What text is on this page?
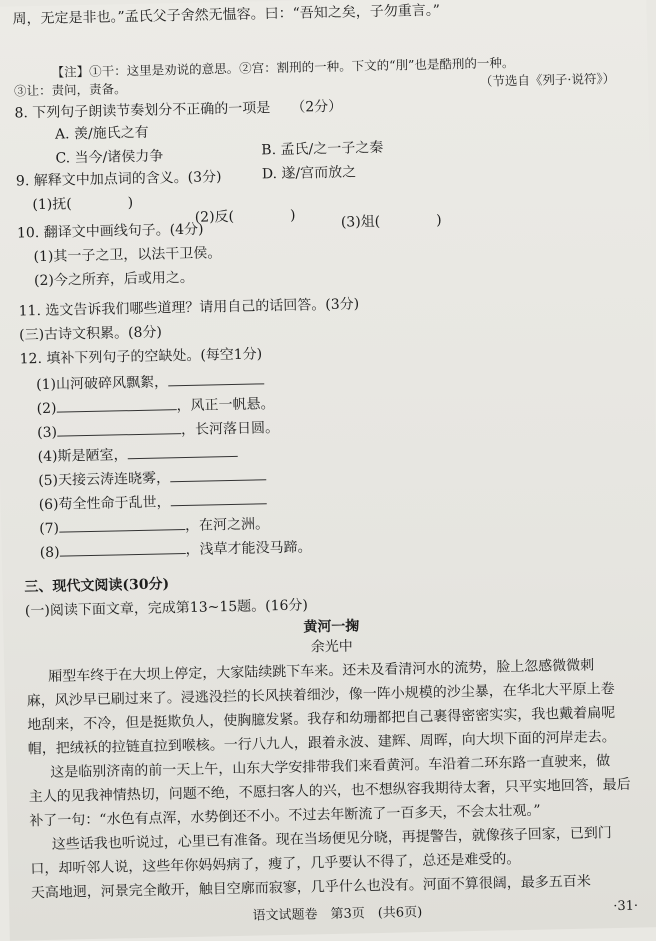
周，无定是非也。”孟氏父子舍然无愠容。曰：“吾知之矣，子勿重言。”
【注】①干：这里是劝说的意思。②宫：割刑的一种。下文的“刖”也是酷刑的一种。
（节选自《列子·说符》）
③让：责问，责备。
8. 下列句子朗读节奏划分不正确的一项是　　（2分）
A. 羡/施氏之有
C. 当今/诸侯力争	B. 孟氏/之一子之秦
D. 遂/宫而放之
9. 解释文中加点词的含义。(3分)
(1)抚(　　　　)
(2)反(　　　　)	(3)俎(　　　　)
10. 翻译文中画线句子。(4分)
(1)其一子之卫，以法干卫侯。
(2)今之所弃，后或用之。
11. 选文告诉我们哪些道理？请用自己的话回答。(3分)
(三)古诗文积累。(8分)
12. 填补下列句子的空缺处。(每空1分)
(1)山河破碎风飘絮，
(2)	，风正一帆悬。
(3)	，长河落日圆。
(4)斯是陋室，
(5)天接云涛连晓雾，
(6)苟全性命于乱世，
(7)	，在河之洲。
(8)	，浅草才能没马蹄。
三、现代文阅读(30分)
(一)阅读下面文章，完成第13~15题。(16分)
黄河一掬
余光中
厢型车终于在大坝上停定，大家陆续跳下车来。还未及看清河水的流势，脸上忽感微微刺
麻，风沙早已刷过来了。浸逃没拦的长风挟着细沙，像一阵小规模的沙尘暴，在华北大平原上卷
地刮来，不冷，但是挺欺负人，使胸臆发紧。我存和幼珊都把自己裹得密密实实，我也戴着扁呢
帽，把绒袄的拉链直拉到喉核。一行八九人，跟着永波、建辉、周晖，向大坝下面的河岸走去。
这是临别济南的前一天上午，山东大学安排带我们来看黄河。车沿着二环东路一直驶来，做
主人的见我神情热切，问题不绝，不愿扫客人的兴，也不想纵容我期待太奢，只平实地回答，最后
补了一句：“水色有点浑，水势倒还不小。不过去年断流了一百多天，不会太壮观。”
这些话我也听说过，心里已有准备。现在当场便见分晓，再提警告，就像孩子回家，已到门
口，却听邻人说，这些年你妈妈病了，瘦了，几乎要认不得了，总还是难受的。
天高地迥，河景完全敞开，触目空廓而寂寥，几乎什么也没有。河面不算很阔，最多五百米
语文试题卷　第3页　(共6页)	·31·
